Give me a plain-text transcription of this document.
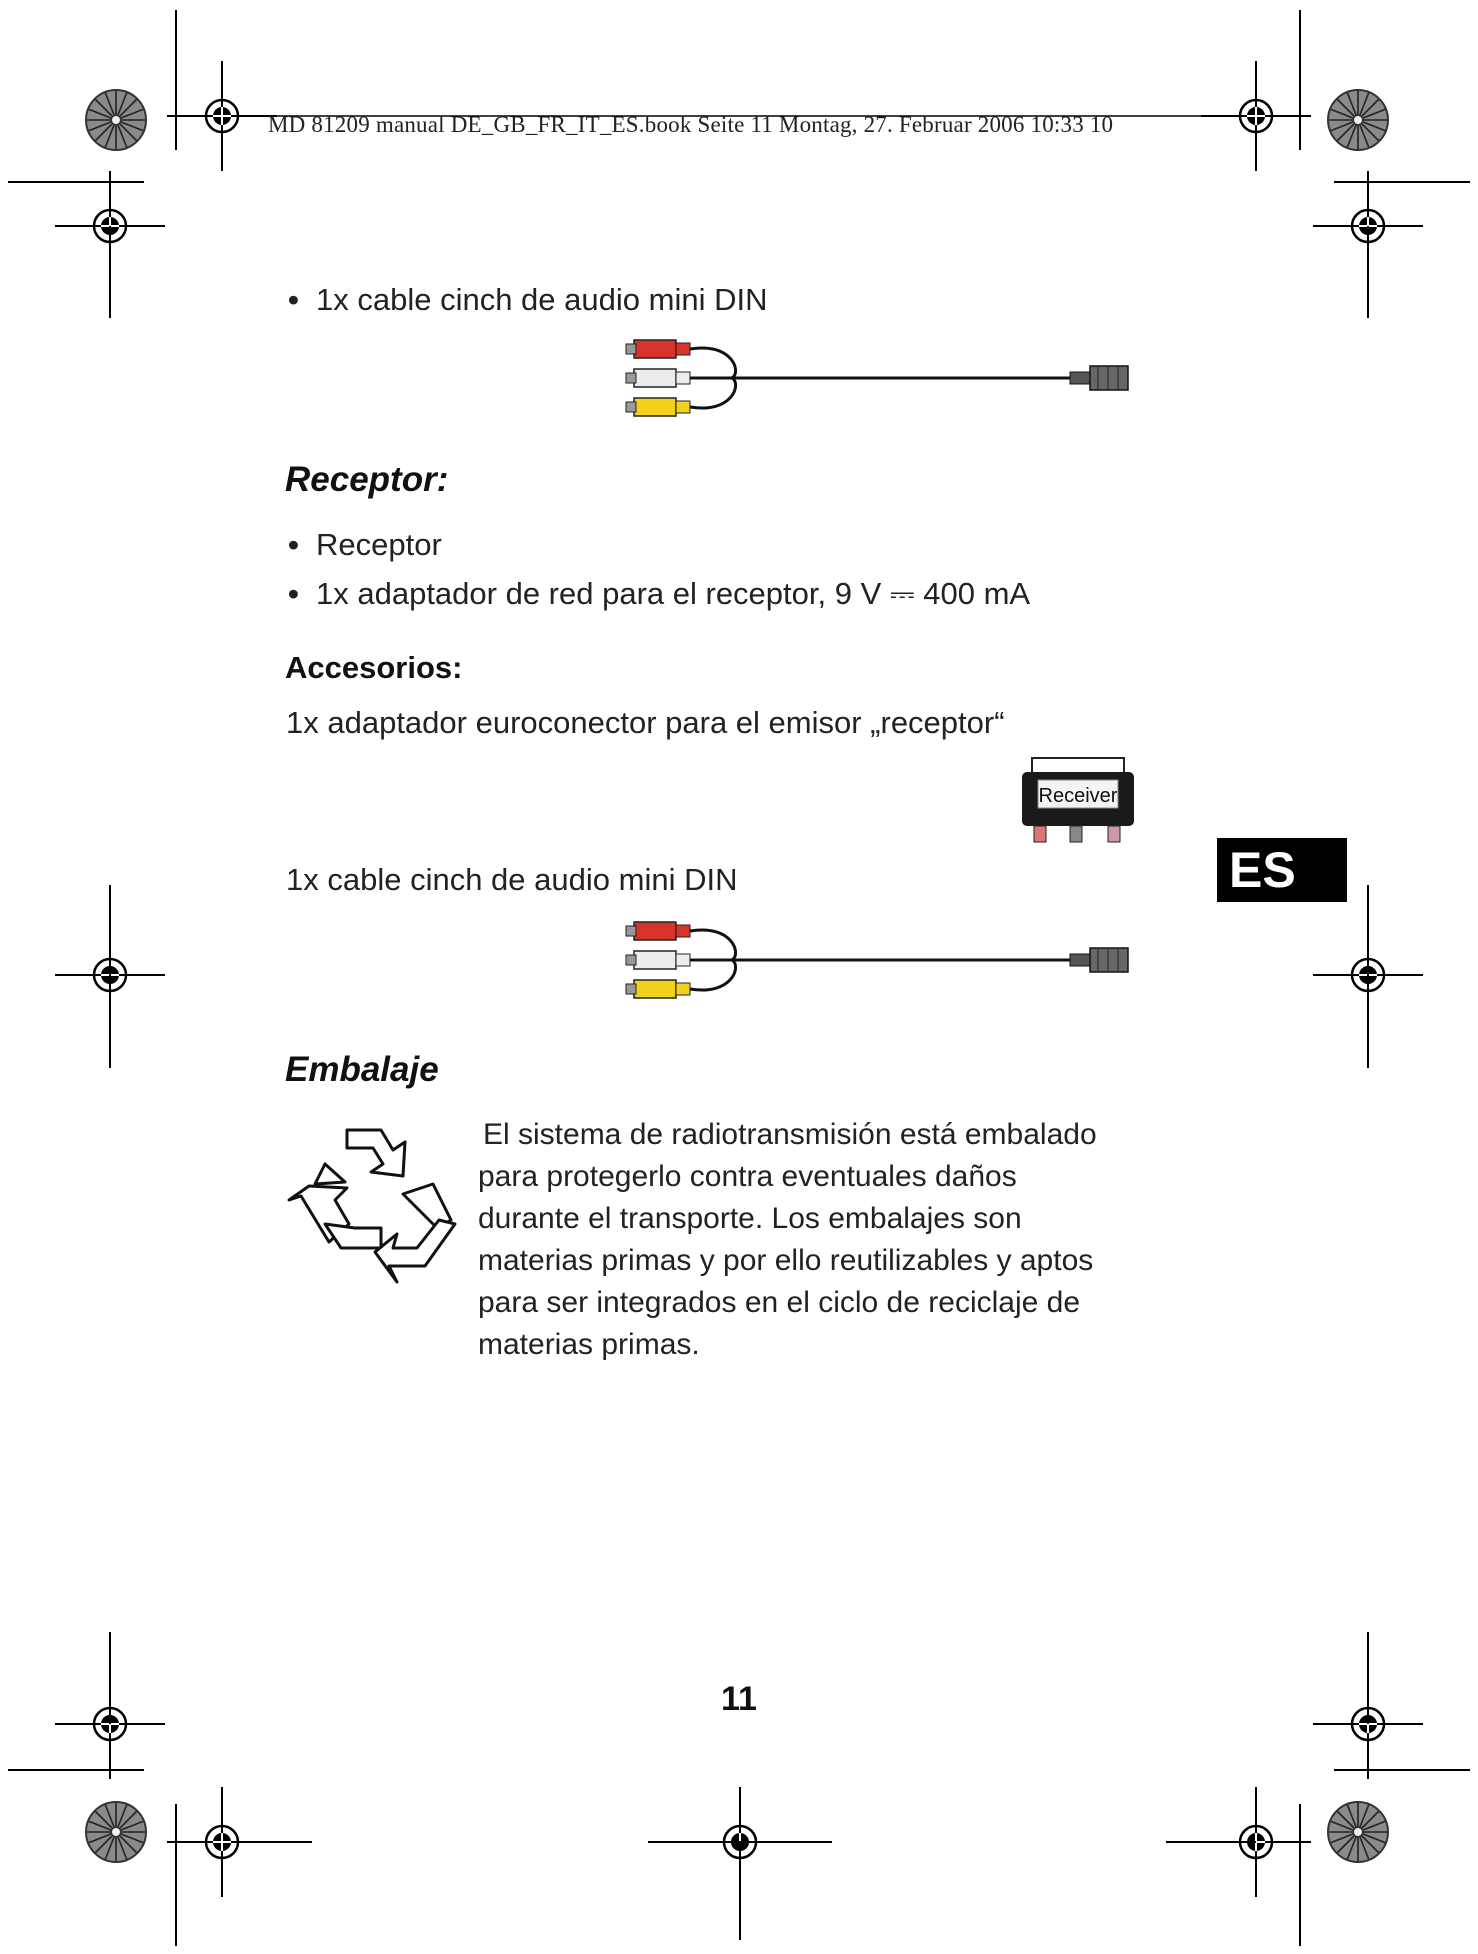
MD 81209 manual DE_GB_FR_IT_ES.book Seite 11 Montag, 27. Februar 2006 10:33 10
• 1x cable cinch de audio mini DIN
Receptor:
• Receptor
• 1x adaptador de red para el receptor, 9 V ⎓ 400 mA
Accesorios:
1x adaptador euroconector para el emisor „receptor“
Receiver
1x cable cinch de audio mini DIN	ES
Embalaje
El sistema de radiotransmisión está embalado
para protegerlo contra eventuales daños
durante el transporte. Los embalajes son
materias primas y por ello reutilizables y aptos
para ser integrados en el ciclo de reciclaje de
materias primas.
11
